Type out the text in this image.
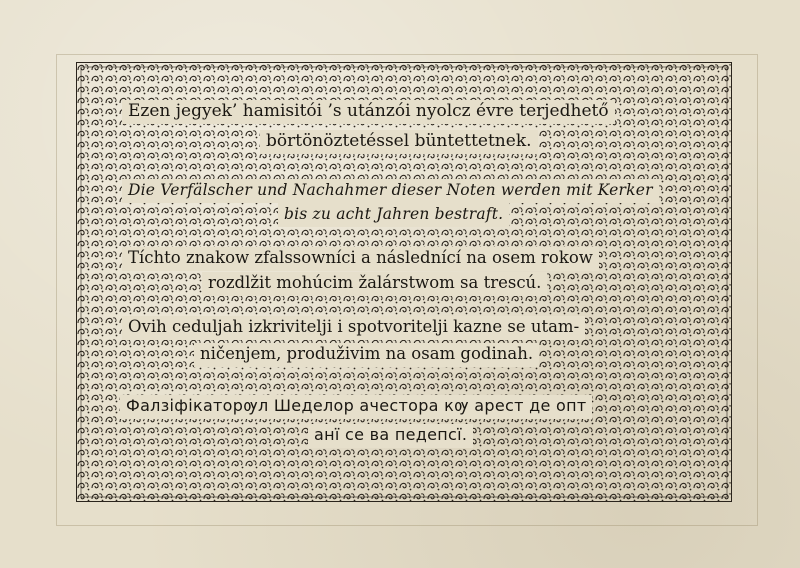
Ezen jegyek’ hamisitói ’s utánzói nyolcz évre terjedhető
börtönöztetéssel büntettetnek.
Die Verfälscher und Nachahmer dieser Noten werden mit Kerker
bis zu acht Jahren bestraft.
Tíchto znakow zfalssowníci a následnící na osem rokow
rozdlžit mohúcim žalárstwom sa trescú.
Ovih ceduljah izkrivitelji i spotvoritelji kazne se utam-
ničenjem, produživim na osam godinah.
Фалзіфікаторѹл Шеделор ачестора кѹ арест де опт
анї се ва педепсї.
